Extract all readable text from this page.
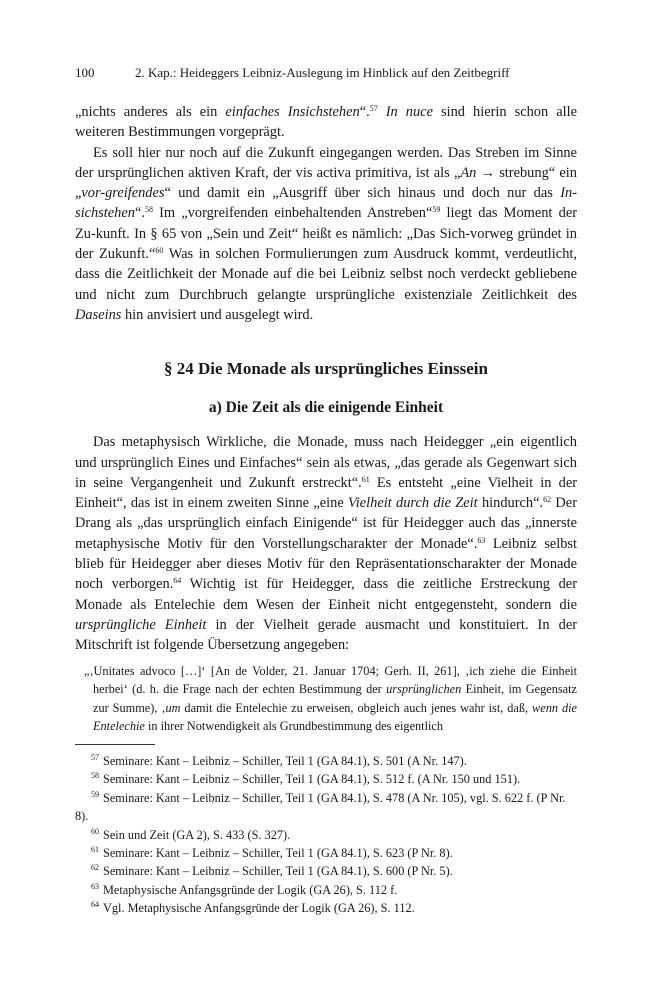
100	2. Kap.: Heideggers Leibniz-Auslegung im Hinblick auf den Zeitbegriff

„nichts anderes als ein einfaches Insichstehen“.$^{57}$ In nuce sind hierin schon alle weiteren Bestimmungen vorgeprägt.

Es soll hier nur noch auf die Zukunft eingegangen werden. Das Streben im Sinne der ursprünglichen aktiven Kraft, der vis activa primitiva, ist als „An → strebung“ ein „vor-greifendes“ und damit ein „Ausgriff über sich hinaus und doch nur das In-sichstehen“.$^{58}$ Im „vorgreifenden einbehaltenden Anstreben“$^{59}$ liegt das Moment der Zu-kunft. In § 65 von „Sein und Zeit“ heißt es nämlich: „Das Sich-vorweg gründet in der Zukunft.“$^{60}$ Was in solchen Formulierungen zum Ausdruck kommt, verdeutlicht, dass die Zeitlichkeit der Monade auf die bei Leibniz selbst noch verdeckt gebliebene und nicht zum Durchbruch gelangte ursprüngliche existenziale Zeitlichkeit des Daseins hin anvisiert und ausgelegt wird.

§ 24 Die Monade als ursprüngliches Einssein
a) Die Zeit als die einigende Einheit

Das metaphysisch Wirkliche, die Monade, muss nach Heidegger „ein eigentlich und ursprünglich Eines und Einfaches“ sein als etwas, „das gerade als Gegenwart sich in seine Vergangenheit und Zukunft erstreckt“.$^{61}$ Es entsteht „eine Vielheit in der Einheit“, das ist in einem zweiten Sinne „eine Vielheit durch die Zeit hindurch“.$^{62}$ Der Drang als „das ursprünglich einfach Einigende“ ist für Heidegger auch das „innerste metaphysische Motiv für den Vorstellungscharakter der Monade“.$^{63}$ Leibniz selbst blieb für Heidegger aber dieses Motiv für den Repräsentationscharakter der Monade noch verborgen.$^{64}$ Wichtig ist für Heidegger, dass die zeitliche Erstreckung der Monade als Entelechie dem Wesen der Einheit nicht entgegensteht, sondern die ursprüngliche Einheit in der Vielheit gerade ausmacht und konstituiert. In der Mitschrift ist folgende Übersetzung angegeben:

„‚Unitates advoco […]‘ [An de Volder, 21. Januar 1704; Gerh. II, 261], ‚ich ziehe die Einheit herbei‘ (d. h. die Frage nach der echten Bestimmung der ursprünglichen Einheit, im Gegensatz zur Summe), ‚um damit die Entelechie zu erweisen, obgleich auch jenes wahr ist, daß, wenn die Entelechie in ihrer Notwendigkeit als Grundbestimmung des eigentlich

$^{57}$ Seminare: Kant – Leibniz – Schiller, Teil 1 (GA 84.1), S. 501 (A Nr. 147).

$^{58}$ Seminare: Kant – Leibniz – Schiller, Teil 1 (GA 84.1), S. 512 f. (A Nr. 150 und 151).

$^{59}$ Seminare: Kant – Leibniz – Schiller, Teil 1 (GA 84.1), S. 478 (A Nr. 105), vgl. S. 622 f. (P Nr. 8).

$^{60}$ Sein und Zeit (GA 2), S. 433 (S. 327).

$^{61}$ Seminare: Kant – Leibniz – Schiller, Teil 1 (GA 84.1), S. 623 (P Nr. 8).

$^{62}$ Seminare: Kant – Leibniz – Schiller, Teil 1 (GA 84.1), S. 600 (P Nr. 5).

$^{63}$ Metaphysische Anfangsgründe der Logik (GA 26), S. 112 f.

$^{64}$ Vgl. Metaphysische Anfangsgründe der Logik (GA 26), S. 112.
